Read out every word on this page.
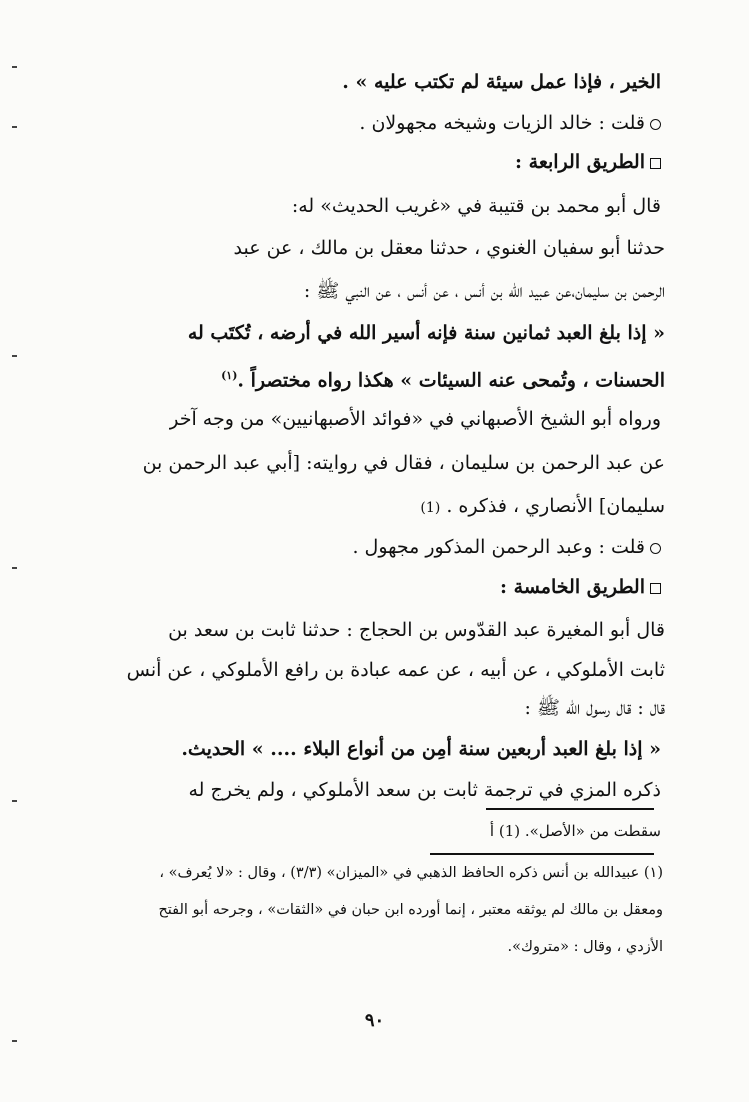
الخير ، فإذا عمل سيئة لم تكتب عليه » .

قلت : خالد الزيات وشيخه مجهولان .

الطريق الرابعة :

قال أبو محمد بن قتيبة في «غريب الحديث» له:

حدثنا أبو سفيان الغنوي ، حدثنا معقل بن مالك ، عن عبد

الرحمن بن سليمان،عن عبيد الله بن أنس ، عن أنس ، عن النبي ﷺ :

« إذا بلغ العبد ثمانين سنة فإنه أسير الله في أرضه ، تُكتَب له

الحسنات ، وتُمحى عنه السيئات » هكذا رواه مختصراً .$^{(١)}$

ورواه أبو الشيخ الأصبهاني في «فوائد الأصبهانيين» من وجه آخر

عن عبد الرحمن بن سليمان ، فقال في روايته: [أبي عبد الرحمن بن

سليمان] الأنصاري ، فذكره . (1)

قلت : وعبد الرحمن المذكور مجهول .

الطريق الخامسة :

قال أبو المغيرة عبد القدّوس بن الحجاج : حدثنا ثابت بن سعد بن

ثابت الأملوكي ، عن أبيه ، عن عمه عبادة بن رافع الأملوكي ، عن أنس

قال : قال رسول الله ﷺ :

« إذا بلغ العبد أربعين سنة أمِن من أنواع البلاء .... » الحديث.

ذكره المزي في ترجمة ثابت بن سعد الأملوكي ، ولم يخرج له

سقطت من «الأصل». (1) أ

(١) عبيدالله بن أنس ذكره الحافظ الذهبي في «الميزان» (٣/٣) ، وقال : «لا يُعرف» ،

ومعقل بن مالك لم يوثقه معتبر ، إنما أورده ابن حبان في «الثقات» ، وجرحه أبو الفتح

الأزدي ، وقال : «متروك».

٩٠
